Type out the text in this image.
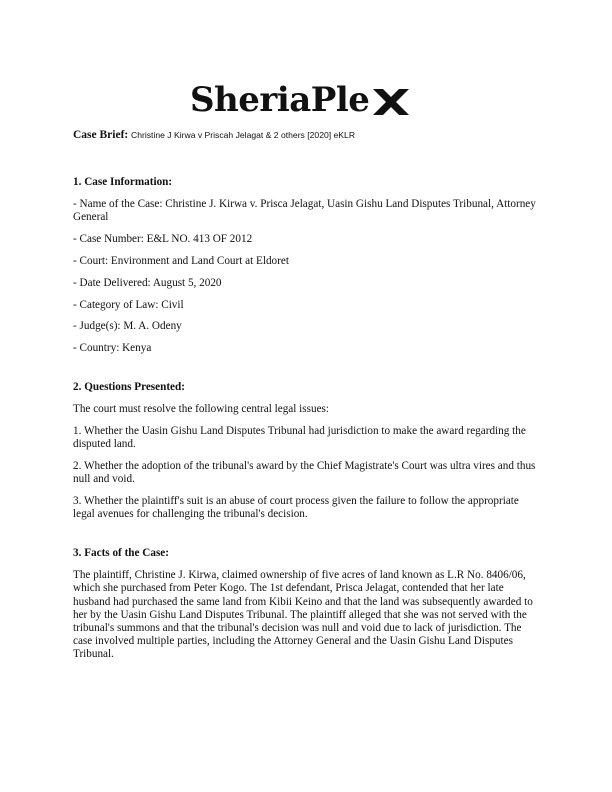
SheriaPle
Case Brief: Christine J Kirwa v Priscah Jelagat & 2 others [2020] eKLR

1. Case Information:

- Name of the Case: Christine J. Kirwa v. Prisca Jelagat, Uasin Gishu Land Disputes Tribunal, Attorney General

- Case Number: E&L NO. 413 OF 2012

- Court: Environment and Land Court at Eldoret

- Date Delivered: August 5, 2020

- Category of Law: Civil

- Judge(s): M. A. Odeny

- Country: Kenya

2. Questions Presented:

The court must resolve the following central legal issues:

1. Whether the Uasin Gishu Land Disputes Tribunal had jurisdiction to make the award regarding the disputed land.

2. Whether the adoption of the tribunal's award by the Chief Magistrate's Court was ultra vires and thus null and void.

3. Whether the plaintiff's suit is an abuse of court process given the failure to follow the appropriate legal avenues for challenging the tribunal's decision.

3. Facts of the Case:

The plaintiff, Christine J. Kirwa, claimed ownership of five acres of land known as L.R No. 8406/06, which she purchased from Peter Kogo. The 1st defendant, Prisca Jelagat, contended that her late husband had purchased the same land from Kibii Keino and that the land was subsequently awarded to her by the Uasin Gishu Land Disputes Tribunal. The plaintiff alleged that she was not served with the tribunal's summons and that the tribunal's decision was null and void due to lack of jurisdiction. The case involved multiple parties, including the Attorney General and the Uasin Gishu Land Disputes Tribunal.
